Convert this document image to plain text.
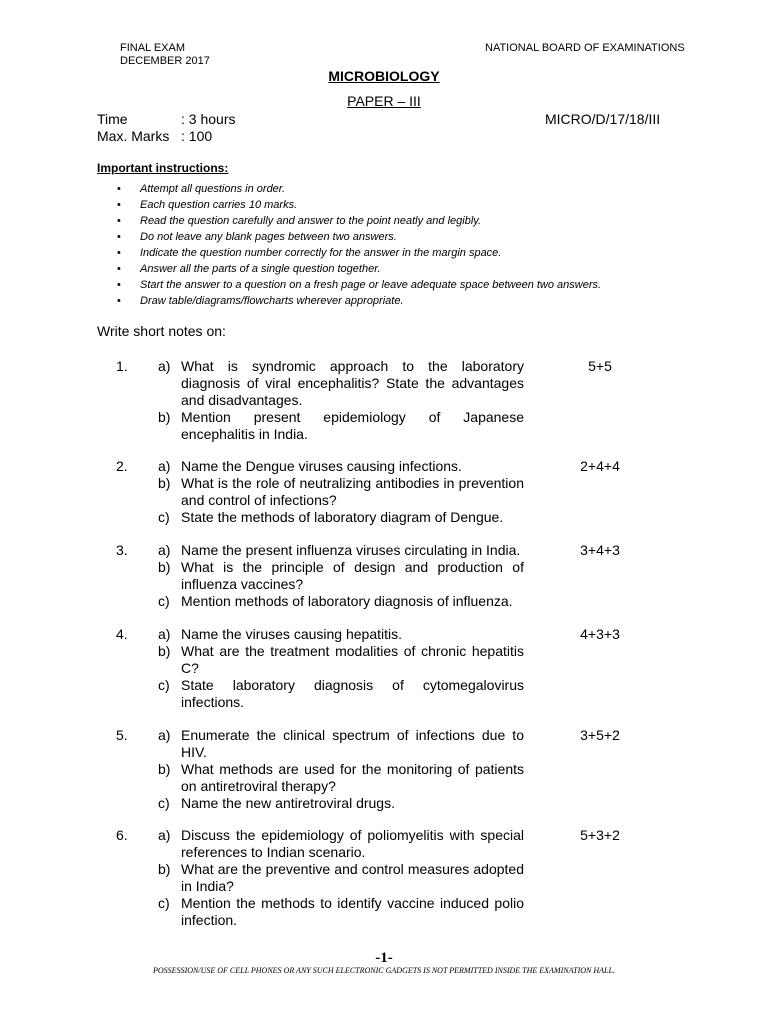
FINAL EXAM
DECEMBER 2017
NATIONAL BOARD OF EXAMINATIONS
MICROBIOLOGY
PAPER – III
Time	: 3 hours
Max. Marks : 100
MICRO/D/17/18/III
Important instructions:
• Attempt all questions in order.
• Each question carries 10 marks.
• Read the question carefully and answer to the point neatly and legibly.
• Do not leave any blank pages between two answers.
• Indicate the question number correctly for the answer in the margin space.
• Answer all the parts of a single question together.
• Start the answer to a question on a fresh page or leave adequate space between two answers.
• Draw table/diagrams/flowcharts wherever appropriate.
Write short notes on:
1. a) What is syndromic approach to the laboratory diagnosis of viral encephalitis? State the advantages and disadvantages.
b) Mention present epidemiology of Japanese encephalitis in India.
5+5
2. a) Name the Dengue viruses causing infections.
b) What is the role of neutralizing antibodies in prevention and control of infections?
c) State the methods of laboratory diagram of Dengue.
2+4+4
3. a) Name the present influenza viruses circulating in India.
b) What is the principle of design and production of influenza vaccines?
c) Mention methods of laboratory diagnosis of influenza.
3+4+3
4. a) Name the viruses causing hepatitis.
b) What are the treatment modalities of chronic hepatitis C?
c) State laboratory diagnosis of cytomegalovirus infections.
4+3+3
5. a) Enumerate the clinical spectrum of infections due to HIV.
b) What methods are used for the monitoring of patients on antiretroviral therapy?
c) Name the new antiretroviral drugs.
3+5+2
6. a) Discuss the epidemiology of poliomyelitis with special references to Indian scenario.
b) What are the preventive and control measures adopted in India?
c) Mention the methods to identify vaccine induced polio infection.
5+3+2
-1-
POSSESSION/USE OF CELL PHONES OR ANY SUCH ELECTRONIC GADGETS IS NOT PERMITTED INSIDE THE EXAMINATION HALL.
